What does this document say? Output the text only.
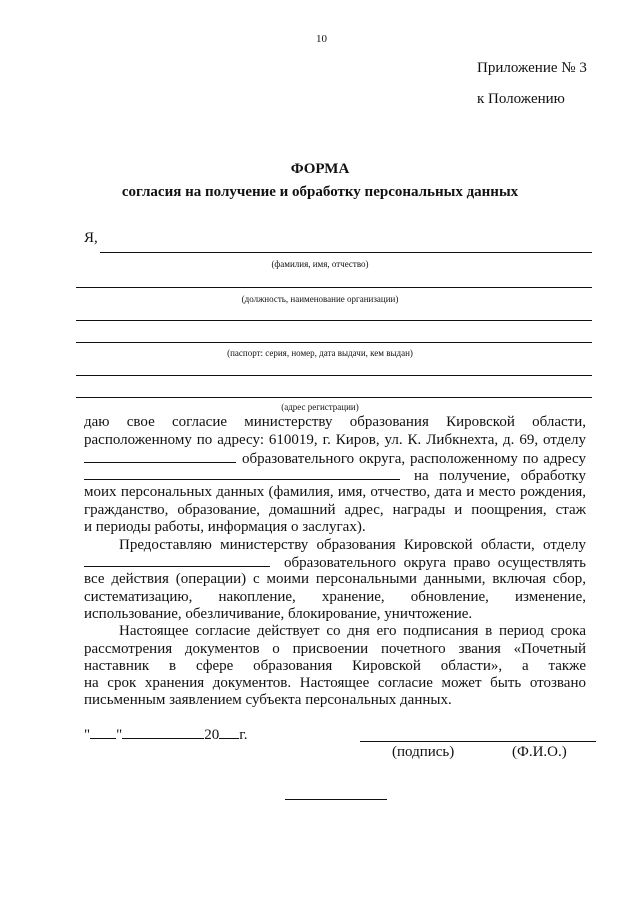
10
Приложение № 3
к Положению
ФОРМА
согласия на получение и обработку персональных данных
Я,
(фамилия, имя, отчество)
(должность, наименование организации)
(паспорт: серия, номер, дата выдачи, кем выдан)
(адрес регистрации)
даю свое согласие министерству образования Кировской области,
расположенному по адресу: 610019, г. Киров, ул. К. Либкнехта, д. 69, отделу
образовательного округа, расположенному по адресу
на получение, обработку
моих персональных данных (фамилия, имя, отчество, дата и место рождения,
гражданство, образование, домашний адрес, награды и поощрения, стаж
и периоды работы, информация о заслугах).
Предоставляю министерству образования Кировской области, отделу
образовательного округа право осуществлять
все действия (операции) с моими персональными данными, включая сбор,
систематизацию, накопление, хранение, обновление, изменение,
использование, обезличивание, блокирование, уничтожение.
Настоящее согласие действует со дня его подписания в период срока
рассмотрения документов о присвоении почетного звания «Почетный
наставник в сфере образования Кировской области», а также
на срок хранения документов. Настоящее согласие может быть отозвано
письменным заявлением субъекта персональных данных.
" "	20 г.
(подпись)	(Ф.И.О.)
